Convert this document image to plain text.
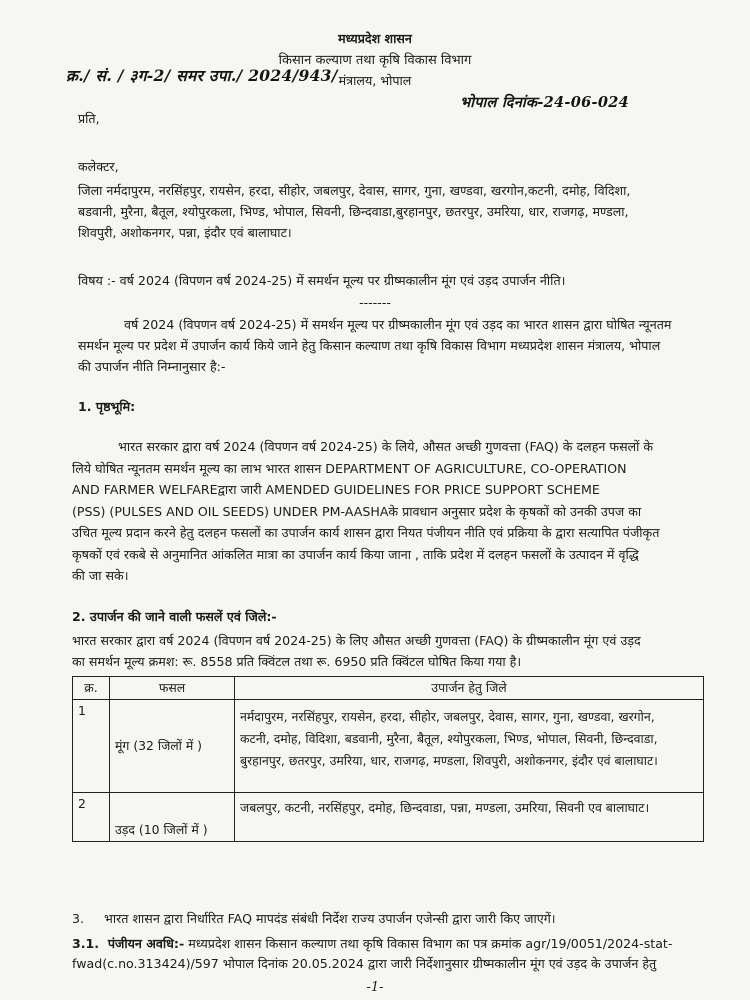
मध्यप्रदेश शासन
किसान कल्याण तथा कृषि विकास विभाग
मंत्रालय, भोपाल
क्र./ सं. / ३ग-2/ समर उपा./ 2024/943/
भोपाल दिनांक-24-06-024
प्रति,
कलेक्टर,
जिला नर्मदापुरम, नरसिंहपुर, रायसेन, हरदा, सीहोर, जबलपुर, देवास, सागर, गुना, खण्डवा, खरगोन,कटनी, दमोह, विदिशा,
बडवानी, मुरैना, बैतूल, श्योपुरकला, भिण्ड, भोपाल, सिवनी, छिन्दवाडा,बुरहानपुर, छतरपुर, उमरिया, धार, राजगढ़, मण्डला,
शिवपुरी, अशोकनगर, पन्ना, इंदौर एवं बालाघाट।
विषय :- वर्ष 2024 (विपणन वर्ष 2024-25) में समर्थन मूल्य पर ग्रीष्मकालीन मूंग एवं उड़द उपार्जन नीति।
-------
वर्ष 2024 (विपणन वर्ष 2024-25) में समर्थन मूल्य पर ग्रीष्मकालीन मूंग एवं उड़द का भारत शासन द्वारा घोषित न्यूनतम
समर्थन मूल्य पर प्रदेश में उपार्जन कार्य किये जाने हेतु किसान कल्याण तथा कृषि विकास विभाग मध्यप्रदेश शासन मंत्रालय, भोपाल
की उपार्जन नीति निम्नानुसार है:-
1. पृष्ठभूमि:
भारत सरकार द्वारा वर्ष 2024 (विपणन वर्ष 2024-25) के लिये, औसत अच्छी गुणवत्ता (FAQ) के दलहन फसलों के
लिये घोषित न्यूनतम समर्थन मूल्य का लाभ भारत शासन DEPARTMENT OF AGRICULTURE, CO-OPERATION
AND FARMER WELFAREद्वारा जारी AMENDED GUIDELINES FOR PRICE SUPPORT SCHEME
(PSS) (PULSES AND OIL SEEDS) UNDER PM-AASHAके प्रावधान अनुसार प्रदेश के कृषकों को उनकी उपज का
उचित मूल्य प्रदान करने हेतु दलहन फसलों का उपार्जन कार्य शासन द्वारा नियत पंजीयन नीति एवं प्रक्रिया के द्वारा सत्यापित पंजीकृत
कृषकों एवं रकबे से अनुमानित आंकलित मात्रा का उपार्जन कार्य किया जाना , ताकि प्रदेश में दलहन फसलों के उत्पादन में वृद्धि
की जा सके।
2. उपार्जन की जाने वाली फसलें एवं जिले:-
भारत सरकार द्वारा वर्ष 2024 (विपणन वर्ष 2024-25) के लिए औसत अच्छी गुणवत्ता (FAQ) के ग्रीष्मकालीन मूंग एवं उड़द
का समर्थन मूल्य क्रमश: रू. 8558 प्रति क्विंटल तथा रू. 6950 प्रति क्विंटल घोषित किया गया है।
क्र.	फसल	उपार्जन हेतु जिले
1	मूंग (32 जिलों में )	नर्मदापुरम, नरसिंहपुर, रायसेन, हरदा, सीहोर, जबलपुर, देवास, सागर, गुना, खण्डवा, खरगोन,
कटनी, दमोह, विदिशा, बडवानी, मुरैना, बैतूल, श्योपुरकला, भिण्ड, भोपाल, सिवनी, छिन्दवाडा,
बुरहानपुर, छतरपुर, उमरिया, धार, राजगढ़, मण्डला, शिवपुरी, अशोकनगर, इंदौर एवं बालाघाट।

2	उड़द (10 जिलों में )	जबलपुर, कटनी, नरसिंहपुर, दमोह, छिन्दवाडा, पन्ना, मण्डला, उमरिया, सिवनी एव बालाघाट।
3.     भारत शासन द्वारा निर्धारित FAQ मापदंड संबंधी निर्देश राज्य उपार्जन एजेन्सी द्वारा जारी किए जाएगें।
3.1.  पंजीयन अवधि:- मध्यप्रदेश शासन किसान कल्याण तथा कृषि विकास विभाग का पत्र क्रमांक agr/19/0051/2024-stat-
fwad(c.no.313424)/597 भोपाल दिनांक 20.05.2024 द्वारा जारी निर्देशानुसार ग्रीष्मकालीन मूंग एवं उड़द के उपार्जन हेतु
-1-
